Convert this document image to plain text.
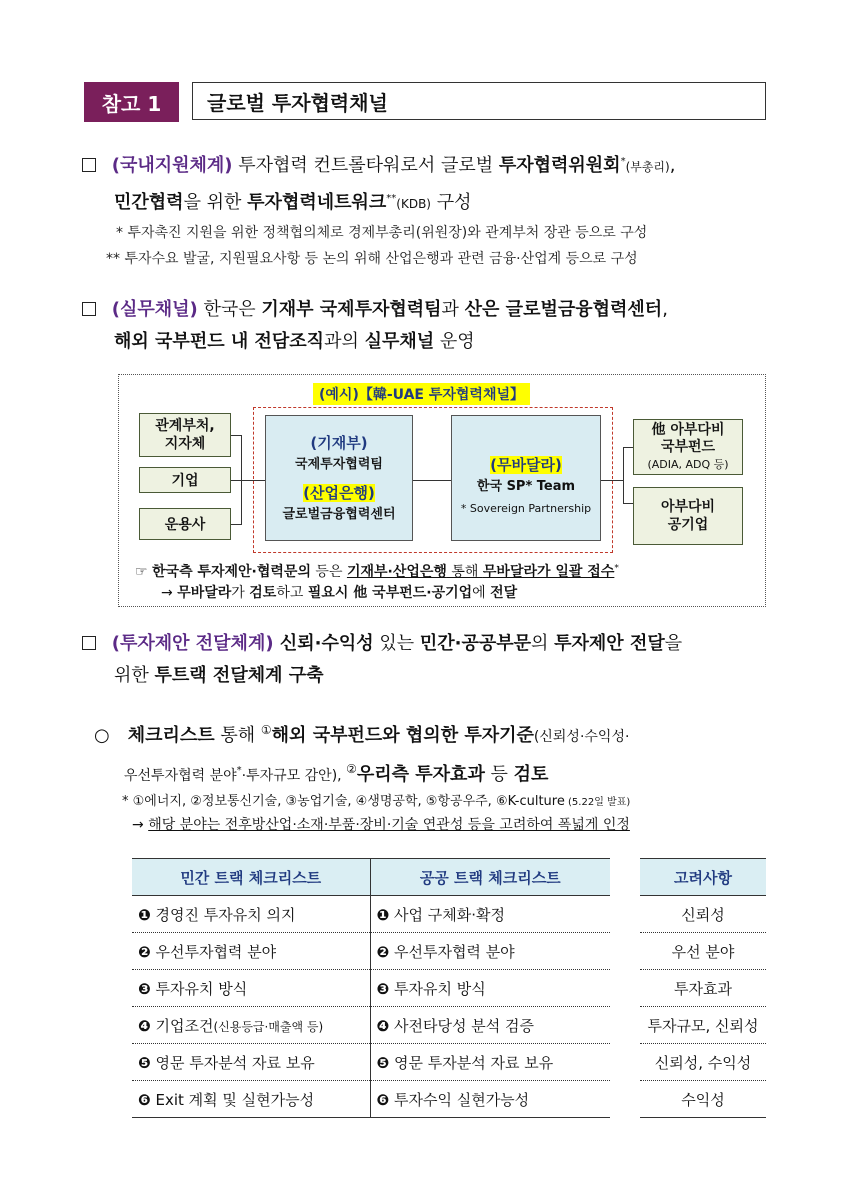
참고 1	글로벌 투자협력채널
(국내지원체계) 투자협력 컨트롤타워로서 글로벌 투자협력위원회*(부총리),
민간협력을 위한 투자협력네트워크**(KDB) 구성
* 투자촉진 지원을 위한 정책협의체로 경제부총리(위원장)와 관계부처 장관 등으로 구성
** 투자수요 발굴, 지원필요사항 등 논의 위해 산업은행과 관련 금융·산업계 등으로 구성
(실무채널) 한국은 기재부 국제투자협력팀과 산은 글로벌금융협력센터,
해외 국부펀드 내 전담조직과의 실무채널 운영
(예시)【韓-UAE 투자협력채널】
관계부처,
지자체
기업
운용사
(기재부)
국제투자협력팀
(산업은행)
글로벌금융협력센터
(무바달라)
한국 SP* Team
* Sovereign Partnership
他 아부다비
국부펀드
(ADIA, ADQ 등)
아부다비
공기업
☞ 한국측 투자제안·협력문의 등은 기재부·산업은행 통해 무바달라가 일괄 접수*
→ 무바달라가 검토하고 필요시 他 국부펀드·공기업에 전달
(투자제안 전달체계) 신뢰·수익성 있는 민간·공공부문의 투자제안 전달을
위한 투트랙 전달체계 구축
○ 체크리스트 통해 ①해외 국부펀드와 협의한 투자기준(신뢰성·수익성·
우선투자협력 분야*·투자규모 감안), ②우리측 투자효과 등 검토
* ①에너지, ②정보통신기술, ③농업기술, ④생명공학, ⑤항공우주, ⑥K-culture (5.22일 발표)
→ 해당 분야는 전후방산업·소재·부품·장비·기술 연관성 등을 고려하여 폭넓게 인정
민간 트랙 체크리스트	공공 트랙 체크리스트		고려사항
❶ 경영진 투자유치 의지	❶ 사업 구체화·확정		신뢰성
❷ 우선투자협력 분야	❷ 우선투자협력 분야		우선 분야
❸ 투자유치 방식	❸ 투자유치 방식		투자효과
❹ 기업조건(신용등급·매출액 등)	❹ 사전타당성 분석 검증		투자규모, 신뢰성
❺ 영문 투자분석 자료 보유	❺ 영문 투자분석 자료 보유		신뢰성, 수익성
❻ Exit 계획 및 실현가능성	❻ 투자수익 실현가능성		수익성
